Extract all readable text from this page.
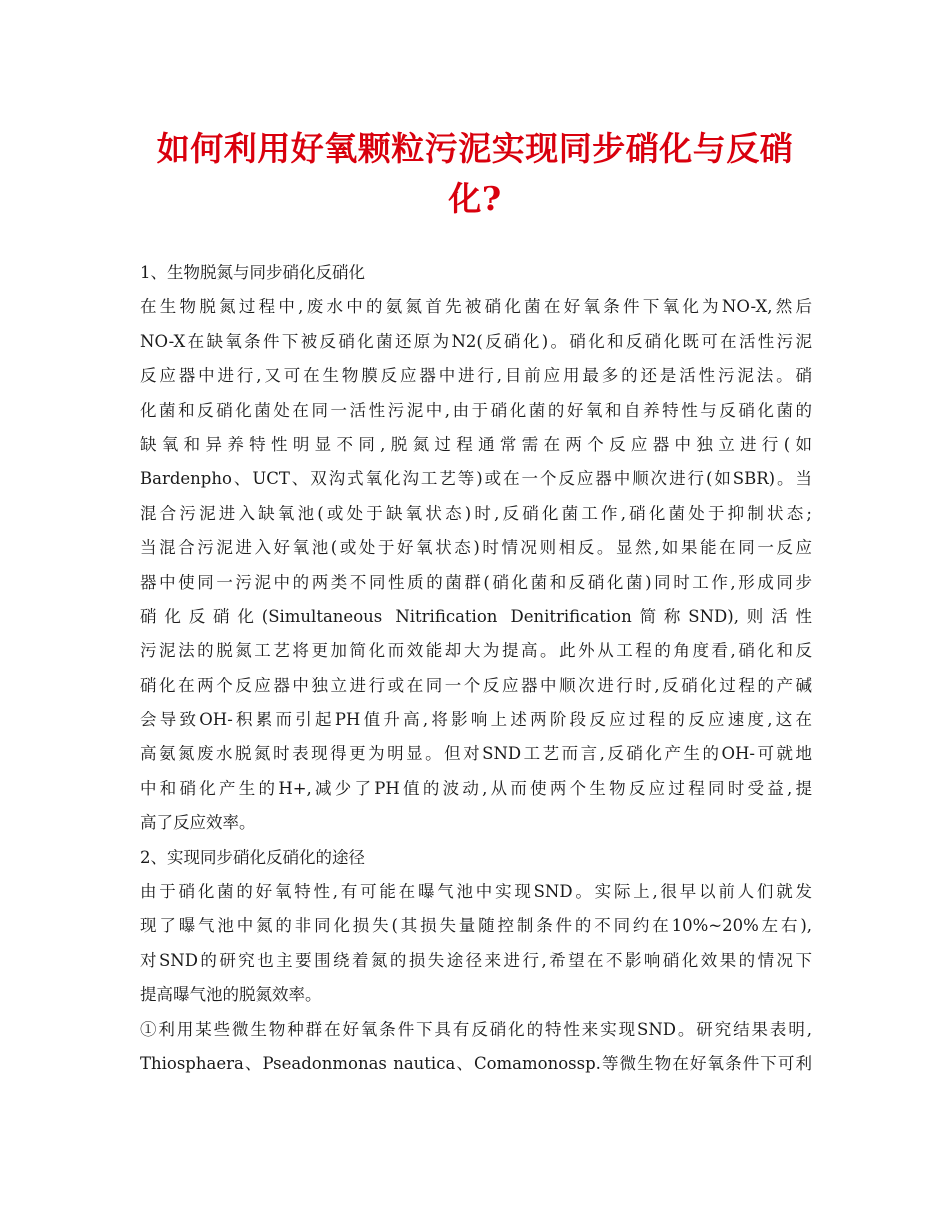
如何利用好氧颗粒污泥实现同步硝化与反硝
化?
1、生物脱氮与同步硝化反硝化
在生物脱氮过程中,废水中的氨氮首先被硝化菌在好氧条件下氧化为NO-X,然后
NO-X在缺氧条件下被反硝化菌还原为N2(反硝化)。硝化和反硝化既可在活性污泥
反应器中进行,又可在生物膜反应器中进行,目前应用最多的还是活性污泥法。硝
化菌和反硝化菌处在同一活性污泥中,由于硝化菌的好氧和自养特性与反硝化菌的
缺氧和异养特性明显不同,脱氮过程通常需在两个反应器中独立进行(如
Bardenpho、UCT、双沟式氧化沟工艺等)或在一个反应器中顺次进行(如SBR)。当
混合污泥进入缺氧池(或处于缺氧状态)时,反硝化菌工作,硝化菌处于抑制状态;
当混合污泥进入好氧池(或处于好氧状态)时情况则相反。显然,如果能在同一反应
器中使同一污泥中的两类不同性质的菌群(硝化菌和反硝化菌)同时工作,形成同步
硝化反硝化(Simultaneous Nitrification Denitrification简称SND),则活性
污泥法的脱氮工艺将更加简化而效能却大为提高。此外从工程的角度看,硝化和反
硝化在两个反应器中独立进行或在同一个反应器中顺次进行时,反硝化过程的产碱
会导致OH-积累而引起PH值升高,将影响上述两阶段反应过程的反应速度,这在
高氨氮废水脱氮时表现得更为明显。但对SND工艺而言,反硝化产生的OH-可就地
中和硝化产生的H+,减少了PH值的波动,从而使两个生物反应过程同时受益,提
高了反应效率。
2、实现同步硝化反硝化的途径
由于硝化菌的好氧特性,有可能在曝气池中实现SND。实际上,很早以前人们就发
现了曝气池中氮的非同化损失(其损失量随控制条件的不同约在10%~20%左右),
对SND的研究也主要围绕着氮的损失途径来进行,希望在不影响硝化效果的情况下
提高曝气池的脱氮效率。
①利用某些微生物种群在好氧条件下具有反硝化的特性来实现SND。研究结果表明,
Thiosphaera、Pseadonmonas nautica、Comamonossp.等微生物在好氧条件下可利
